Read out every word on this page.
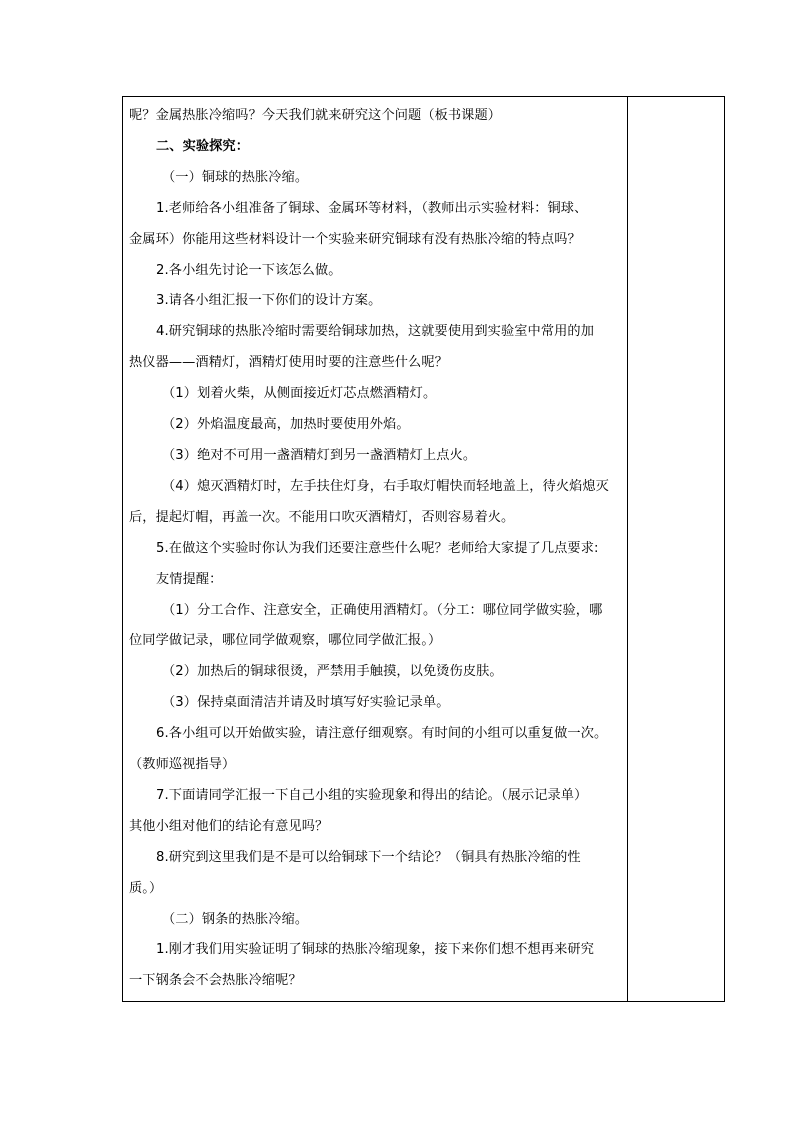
呢？金属热胀冷缩吗？今天我们就来研究这个问题（板书课题）
二、实验探究：
（一）铜球的热胀冷缩。
1.老师给各小组准备了铜球、金属环等材料，（教师出示实验材料：铜球、
金属环）你能用这些材料设计一个实验来研究铜球有没有热胀冷缩的特点吗？
2.各小组先讨论一下该怎么做。
3.请各小组汇报一下你们的设计方案。
4.研究铜球的热胀冷缩时需要给铜球加热，这就要使用到实验室中常用的加
热仪器——酒精灯，酒精灯使用时要的注意些什么呢？
（1）划着火柴，从侧面接近灯芯点燃酒精灯。
（2）外焰温度最高，加热时要使用外焰。
（3）绝对不可用一盏酒精灯到另一盏酒精灯上点火。
（4）熄灭酒精灯时，左手扶住灯身，右手取灯帽快而轻地盖上，待火焰熄灭
后，提起灯帽，再盖一次。不能用口吹灭酒精灯，否则容易着火。
5.在做这个实验时你认为我们还要注意些什么呢？老师给大家提了几点要求:
友情提醒：
（1）分工合作、注意安全，正确使用酒精灯。（分工：哪位同学做实验，哪
位同学做记录，哪位同学做观察，哪位同学做汇报。）
（2）加热后的铜球很烫，严禁用手触摸，以免烫伤皮肤。
（3）保持桌面清洁并请及时填写好实验记录单。
6.各小组可以开始做实验，请注意仔细观察。有时间的小组可以重复做一次。
（教师巡视指导）
7.下面请同学汇报一下自己小组的实验现象和得出的结论。（展示记录单）
其他小组对他们的结论有意见吗？
8.研究到这里我们是不是可以给铜球下一个结论？（铜具有热胀冷缩的性
质。）
（二）钢条的热胀冷缩。
1.刚才我们用实验证明了铜球的热胀冷缩现象，接下来你们想不想再来研究
一下钢条会不会热胀冷缩呢？
